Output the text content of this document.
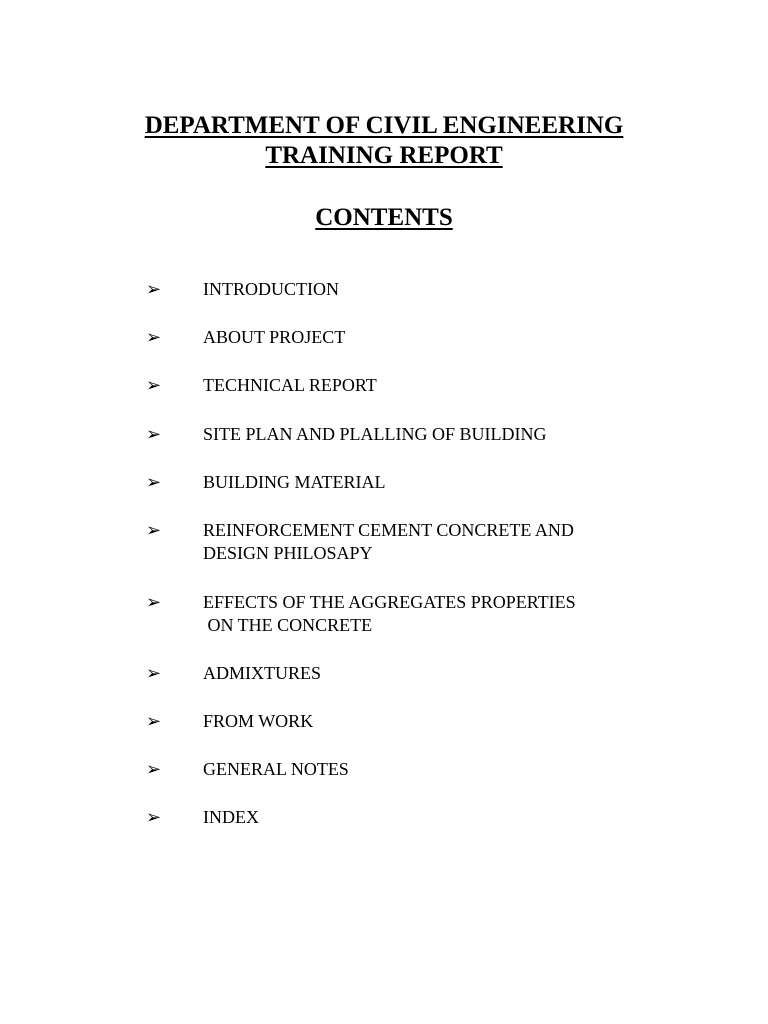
DEPARTMENT OF CIVIL ENGINEERING
TRAINING REPORT
CONTENTS
➢ INTRODUCTION
➢ ABOUT PROJECT
➢ TECHNICAL REPORT
➢ SITE PLAN AND PLALLING OF BUILDING
➢ BUILDING MATERIAL
➢ REINFORCEMENT CEMENT CONCRETE AND
DESIGN PHILOSAPY
➢ EFFECTS OF THE AGGREGATES PROPERTIES
ON THE CONCRETE
➢ ADMIXTURES
➢ FROM WORK
➢ GENERAL NOTES
➢ INDEX
